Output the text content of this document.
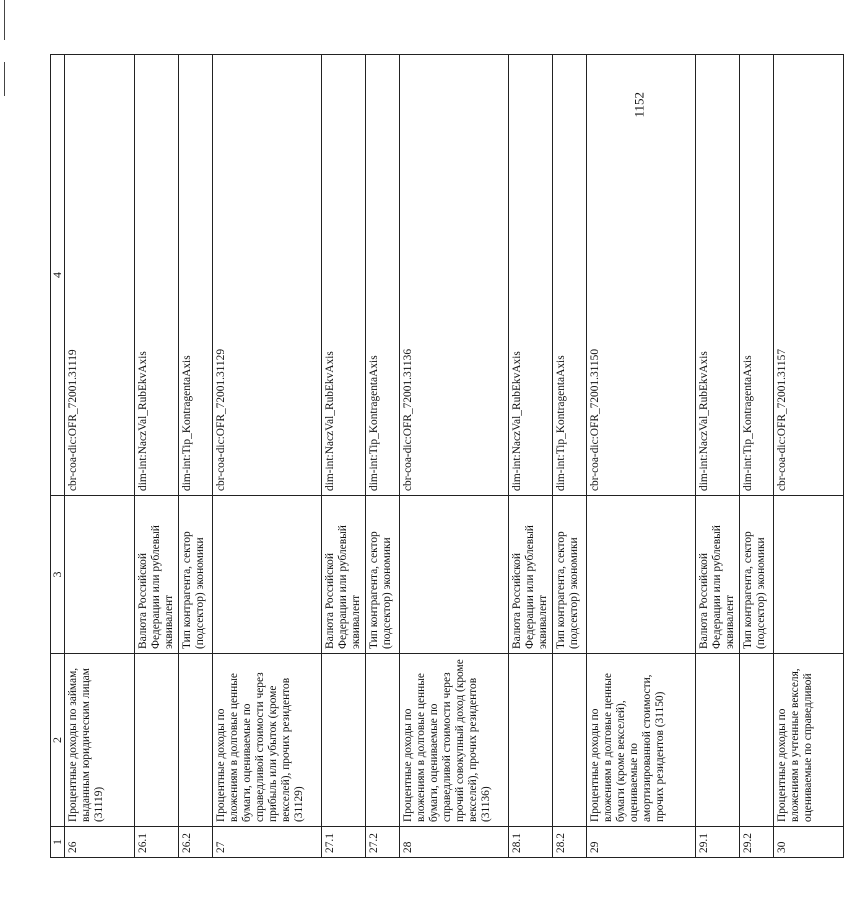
1152
1	2	3	4
26	Процентные доходы по займам, выданным юридическим лицам (31119)		cbr-coa-dic:OFR_72001.31119
26.1		Валюта Российской Федерации или рублевый эквивалент	dim-int:NaczVal_RubEkvAxis
26.2		Тип контрагента, сектор (подсектор) экономики	dim-int:Tip_KontragentaAxis
27	Процентные доходы по вложениям в долговые ценные бумаги, оцениваемые по справедливой стоимости через прибыль или убыток (кроме векселей), прочих резидентов (31129)		cbr-coa-dic:OFR_72001.31129
27.1		Валюта Российской Федерации или рублевый эквивалент	dim-int:NaczVal_RubEkvAxis
27.2		Тип контрагента, сектор (подсектор) экономики	dim-int:Tip_KontragentaAxis
28	Процентные доходы по вложениям в долговые ценные бумаги, оцениваемые по справедливой стоимости через прочий совокупный доход (кроме векселей), прочих резидентов (31136)		cbr-coa-dic:OFR_72001.31136
28.1		Валюта Российской Федерации или рублевый эквивалент	dim-int:NaczVal_RubEkvAxis
28.2		Тип контрагента, сектор (подсектор) экономики	dim-int:Tip_KontragentaAxis
29	Процентные доходы по вложениям в долговые ценные бумаги (кроме векселей), оцениваемые по амортизированной стоимости, прочих резидентов (31150)		cbr-coa-dic:OFR_72001.31150
29.1		Валюта Российской Федерации или рублевый эквивалент	dim-int:NaczVal_RubEkvAxis
29.2		Тип контрагента, сектор (подсектор) экономики	dim-int:Tip_KontragentaAxis
30	Процентные доходы по вложениям в учтенные векселя, оцениваемые по справедливой		cbr-coa-dic:OFR_72001.31157
